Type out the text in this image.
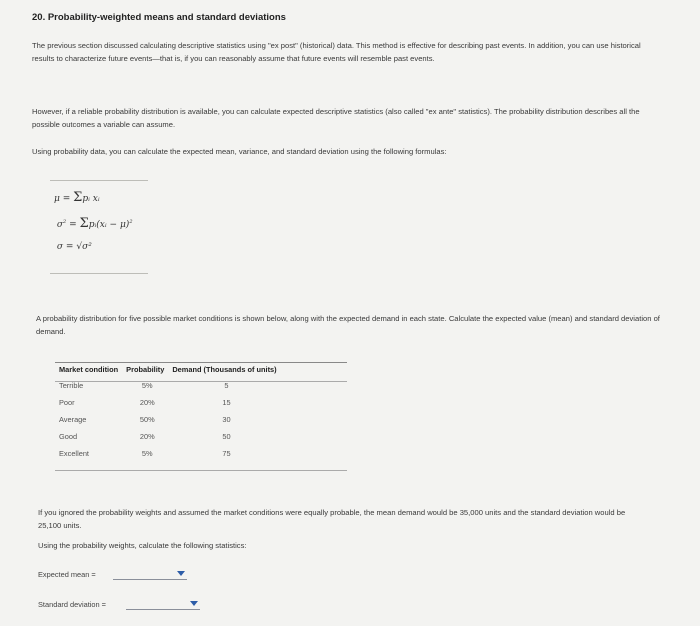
20. Probability-weighted means and standard deviations
The previous section discussed calculating descriptive statistics using "ex post" (historical) data. This method is effective for describing past events. In addition, you can use historical results to characterize future events—that is, if you can reasonably assume that future events will resemble past events.
However, if a reliable probability distribution is available, you can calculate expected descriptive statistics (also called "ex ante" statistics). The probability distribution describes all the possible outcomes a variable can assume.
Using probability data, you can calculate the expected mean, variance, and standard deviation using the following formulas:
μ = Σpᵢ xᵢ
$\sigma^2$ = Σpᵢ(xᵢ − μ)$^2$
σ = √σ²
A probability distribution for five possible market conditions is shown below, along with the expected demand in each state. Calculate the expected value (mean) and standard deviation of demand.
Market condition	Probability	Demand (Thousands of units)
Terrible	5%	5
Poor	20%	15
Average	50%	30
Good	20%	50
Excellent	5%	75
If you ignored the probability weights and assumed the market conditions were equally probable, the mean demand would be 35,000 units and the standard deviation would be 25,100 units.
Using the probability weights, calculate the following statistics:
Expected mean =
Standard deviation =
